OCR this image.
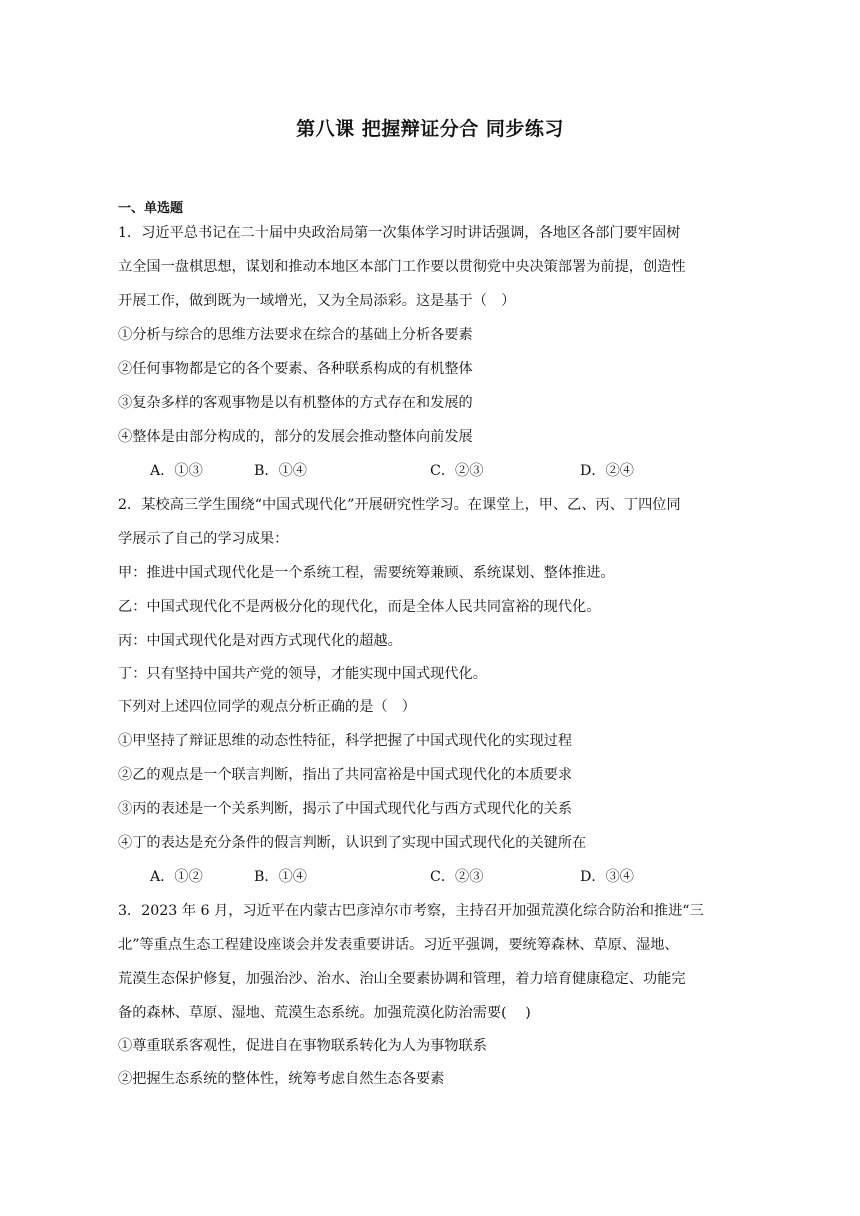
第八课 把握辩证分合 同步练习
一、单选题
1．习近平总书记在二十届中央政治局第一次集体学习时讲话强调，各地区各部门要牢固树
立全国一盘棋思想，谋划和推动本地区本部门工作要以贯彻党中央决策部署为前提，创造性
开展工作，做到既为一域增光，又为全局添彩。这是基于（　）
①分析与综合的思维方法要求在综合的基础上分析各要素
②任何事物都是它的各个要素、各种联系构成的有机整体
③复杂多样的客观事物是以有机整体的方式存在和发展的
④整体是由部分构成的，部分的发展会推动整体向前发展
A．①③	B．①④	C．②③	D．②④
2．某校高三学生围绕“中国式现代化”开展研究性学习。在课堂上，甲、乙、丙、丁四位同
学展示了自己的学习成果：
甲：推进中国式现代化是一个系统工程，需要统筹兼顾、系统谋划、整体推进。
乙：中国式现代化不是两极分化的现代化，而是全体人民共同富裕的现代化。
丙：中国式现代化是对西方式现代化的超越。
丁：只有坚持中国共产党的领导，才能实现中国式现代化。
下列对上述四位同学的观点分析正确的是（　）
①甲坚持了辩证思维的动态性特征，科学把握了中国式现代化的实现过程
②乙的观点是一个联言判断，指出了共同富裕是中国式现代化的本质要求
③丙的表述是一个关系判断，揭示了中国式现代化与西方式现代化的关系
④丁的表达是充分条件的假言判断，认识到了实现中国式现代化的关键所在
A．①②	B．①④	C．②③	D．③④
3．2023 年 6 月，习近平在内蒙古巴彦淖尔市考察，主持召开加强荒漠化综合防治和推进“三
北”等重点生态工程建设座谈会并发表重要讲话。习近平强调，要统筹森林、草原、湿地、
荒漠生态保护修复，加强治沙、治水、治山全要素协调和管理，着力培育健康稳定、功能完
备的森林、草原、湿地、荒漠生态系统。加强荒漠化防治需要(　 )
①尊重联系客观性，促进自在事物联系转化为人为事物联系
②把握生态系统的整体性，统筹考虑自然生态各要素
